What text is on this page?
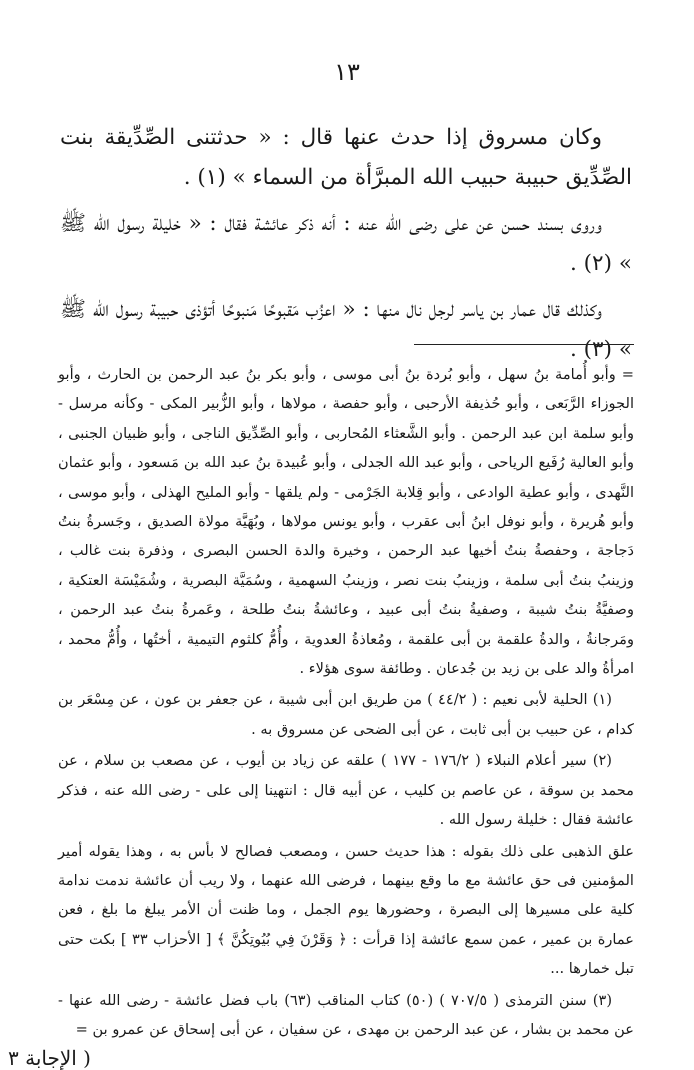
١٣

وكان مسروق إذا حدث عنها قال : « حدثتنى الصِّدِّيقة بنت الصِّدِّيق حبيبة حبيب الله المبرَّأة من السماء » (١) .

وروى بسند حسن عن على رضى الله عنه : أنه ذكر عائشة فقال : « خليلة رسول الله ﷺ » (٢) .

وكذلك قال عمار بن ياسر لرجل نال منها : « اعزُب مَقبوحًا مَنبوحًا أتؤذى حبيبة رسول الله ﷺ » (٣) .

= وأبو أُمامة بنُ سهل ، وأبو بُردة بنُ أبى موسى ، وأبو بكر بنُ عبد الرحمن بن الحارث ، وأبو الجوزاء الرَّبَعى ، وأبو حُذيفة الأرحبى ، وأبو حفصة ، مولاها ، وأبو الزُّبير المكى - وكأنه مرسل - وأبو سلمة ابن عبد الرحمن . وأبو الشَّعثاء المُحاربى ، وأبو الصِّدِّيق الناجى ، وأبو ظبيان الجنبى ، وأبو العالية رُفَيع الرياحى ، وأبو عبد الله الجدلى ، وأبو عُبيدة بنُ عبد الله بن مَسعود ، وأبو عثمان النَّهدى ، وأبو عطية الوادعى ، وأبو قِلابة الجَرْمى - ولم يلقها - وأبو المليح الهذلى ، وأبو موسى ، وأبو هُريرة ، وأبو نوفل ابنُ أبى عقرب ، وأبو يونس مولاها ، وبُهَيَّة مولاة الصديق ، وجَسرةُ بنتُ دَجاجة ، وحفصةُ بنتُ أخيها عبد الرحمن ، وخيرة والدة الحسن البصرى ، وذفرة بنت غالب ، وزينبُ بنتُ أبى سلمة ، وزينبُ بنت نصر ، وزينبُ السهمية ، وسُمَيَّة البصرية ، وشُمَيْسَة العتكية ، وصفيَّةُ بنتُ شيبة ، وصفيةُ بنتُ أبى عبيد ، وعائشةُ بنتُ طلحة ، وعَمرةُ بنتُ عبد الرحمن ، ومَرجانةُ ، والدةُ علقمة بن أبى علقمة ، ومُعاذةُ العدوية ، وأُمُّ كلثوم التيمية ، أختُها ، وأُمُّ محمد ، امرأةُ والد على بن زيد بن جُدعان . وطائفة سوى هؤلاء .

(١) الحلية لأبى نعيم : ( ٤٤/٢ ) من طريق ابن أبى شيبة ، عن جعفر بن عون ، عن مِسْعَر بن كدام ، عن حبيب بن أبى ثابت ، عن أبى الضحى عن مسروق به .

(٢) سير أعلام النبلاء ( ١٧٦/٢ - ١٧٧ ) علقه عن زياد بن أيوب ، عن مصعب بن سلام ، عن محمد بن سوقة ، عن عاصم بن كليب ، عن أبيه قال : انتهينا إلى على - رضى الله عنه ، فذكر عائشة فقال : خليلة رسول الله .

علق الذهبى على ذلك بقوله : هذا حديث حسن ، ومصعب فصالح لا بأس به ، وهذا يقوله أمير المؤمنين فى حق عائشة مع ما وقع بينهما ، فرضى الله عنهما ، ولا ريب أن عائشة ندمت ندامة كلية على مسيرها إلى البصرة ، وحضورها يوم الجمل ، وما ظنت أن الأمر يبلغ ما بلغ ، فعن عمارة بن عمير ، عمن سمع عائشة إذا قرأت : ﴿ وَقَرْنَ فِي بُيُوتِكُنَّ ﴾ [ الأحزاب ٣٣ ] بكت حتى تبل خمارها ...

(٣) سنن الترمذى ( ٧٠٧/٥ ) (٥٠) كتاب المناقب (٦٣) باب فضل عائشة - رضى الله عنها - عن محمد بن بشار ، عن عبد الرحمن بن مهدى ، عن سفيان ، عن أبى إسحاق عن عمرو بن =

( الإجابة ٣
